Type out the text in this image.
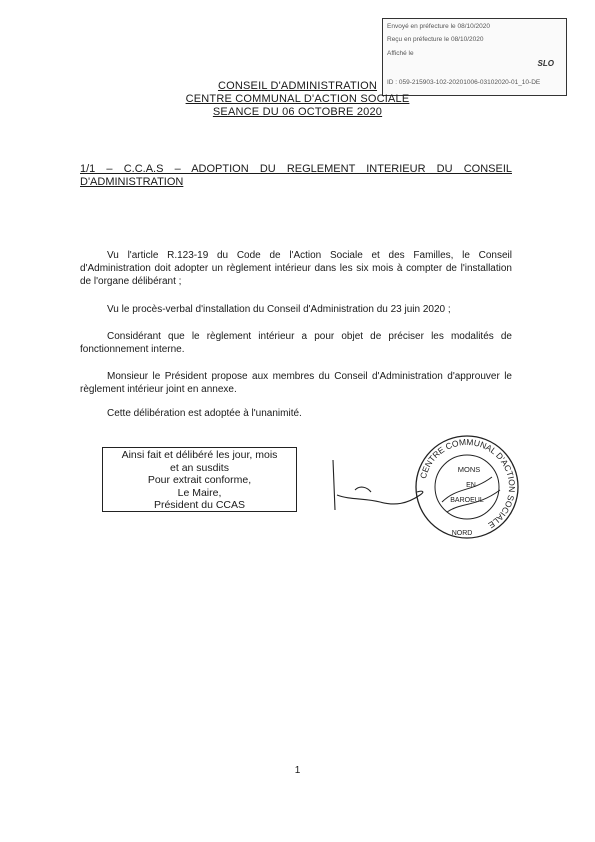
Envoyé en préfecture le 08/10/2020
Reçu en préfecture le 08/10/2020
Affiché le
SLO
ID : 059-215903-102-20201006-03102020-01_10-DE
CONSEIL D'ADMINISTRATION
CENTRE COMMUNAL D'ACTION SOCIALE
SEANCE DU 06 OCTOBRE 2020
1/1 – C.C.A.S – ADOPTION DU REGLEMENT INTERIEUR DU CONSEIL D'ADMINISTRATION
Vu l'article R.123-19 du Code de l'Action Sociale et des Familles, le Conseil d'Administration doit adopter un règlement intérieur dans les six mois à compter de l'installation de l'organe délibérant ;
Vu le procès-verbal d'installation du Conseil d'Administration du 23 juin 2020 ;
Considérant que le règlement intérieur a pour objet de préciser les modalités de fonctionnement interne.
Monsieur le Président propose aux membres du Conseil d'Administration d'approuver le règlement intérieur joint en annexe.
Cette délibération est adoptée à l'unanimité.
Ainsi fait et délibéré les jour, mois
et an susdits
Pour extrait conforme,
Le Maire,
Président du CCAS
CENTRE COMMUNAL D'ACTION SOCIALE
MONS
EN
BAROEUL
NORD
1
